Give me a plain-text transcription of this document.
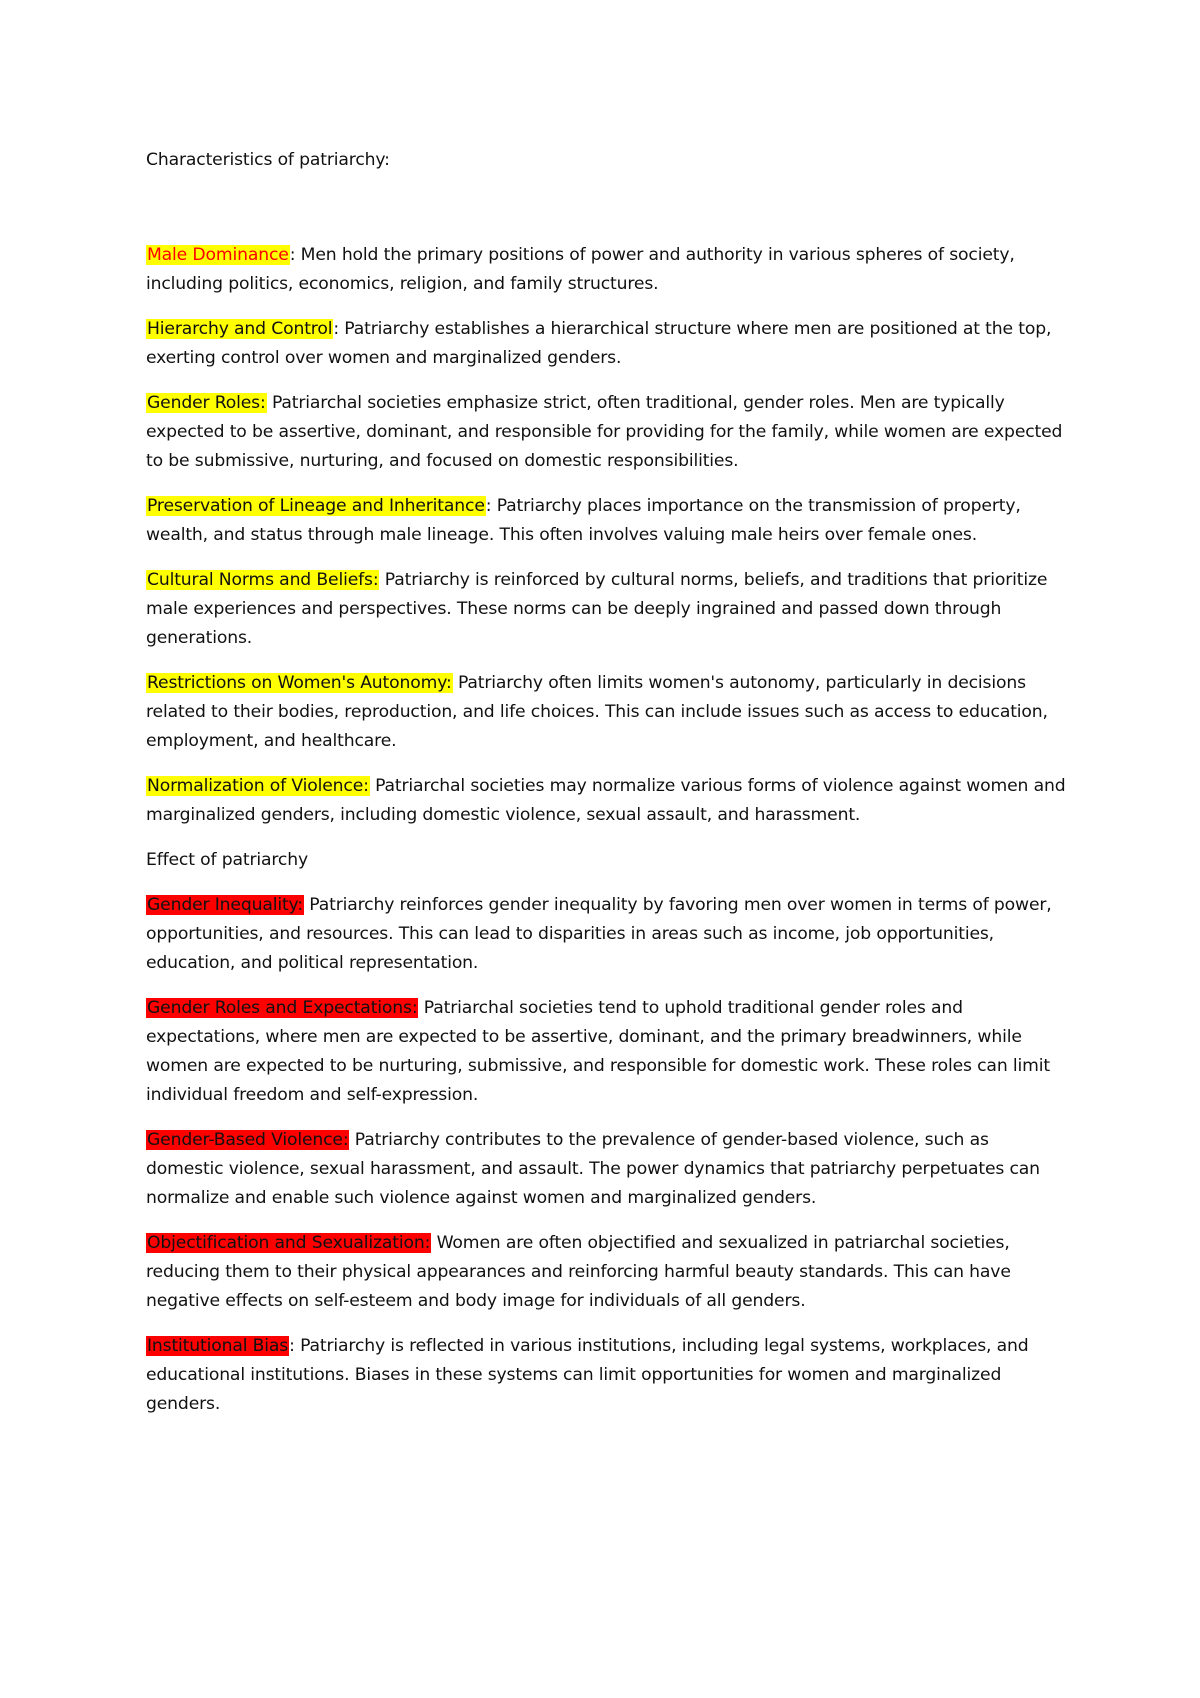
Characteristics of patriarchy:

Male Dominance: Men hold the primary positions of power and authority in various spheres of society, including politics, economics, religion, and family structures.

Hierarchy and Control: Patriarchy establishes a hierarchical structure where men are positioned at the top, exerting control over women and marginalized genders.

Gender Roles: Patriarchal societies emphasize strict, often traditional, gender roles. Men are typically expected to be assertive, dominant, and responsible for providing for the family, while women are expected to be submissive, nurturing, and focused on domestic responsibilities.

Preservation of Lineage and Inheritance: Patriarchy places importance on the transmission of property, wealth, and status through male lineage. This often involves valuing male heirs over female ones.

Cultural Norms and Beliefs: Patriarchy is reinforced by cultural norms, beliefs, and traditions that prioritize male experiences and perspectives. These norms can be deeply ingrained and passed down through generations.

Restrictions on Women's Autonomy: Patriarchy often limits women's autonomy, particularly in decisions related to their bodies, reproduction, and life choices. This can include issues such as access to education, employment, and healthcare.

Normalization of Violence: Patriarchal societies may normalize various forms of violence against women and marginalized genders, including domestic violence, sexual assault, and harassment.

Effect of patriarchy

Gender Inequality: Patriarchy reinforces gender inequality by favoring men over women in terms of power, opportunities, and resources. This can lead to disparities in areas such as income, job opportunities, education, and political representation.

Gender Roles and Expectations: Patriarchal societies tend to uphold traditional gender roles and expectations, where men are expected to be assertive, dominant, and the primary breadwinners, while women are expected to be nurturing, submissive, and responsible for domestic work. These roles can limit individual freedom and self-expression.

Gender-Based Violence: Patriarchy contributes to the prevalence of gender-based violence, such as domestic violence, sexual harassment, and assault. The power dynamics that patriarchy perpetuates can normalize and enable such violence against women and marginalized genders.

Objectification and Sexualization: Women are often objectified and sexualized in patriarchal societies, reducing them to their physical appearances and reinforcing harmful beauty standards. This can have negative effects on self-esteem and body image for individuals of all genders.

Institutional Bias: Patriarchy is reflected in various institutions, including legal systems, workplaces, and educational institutions. Biases in these systems can limit opportunities for women and marginalized genders.
